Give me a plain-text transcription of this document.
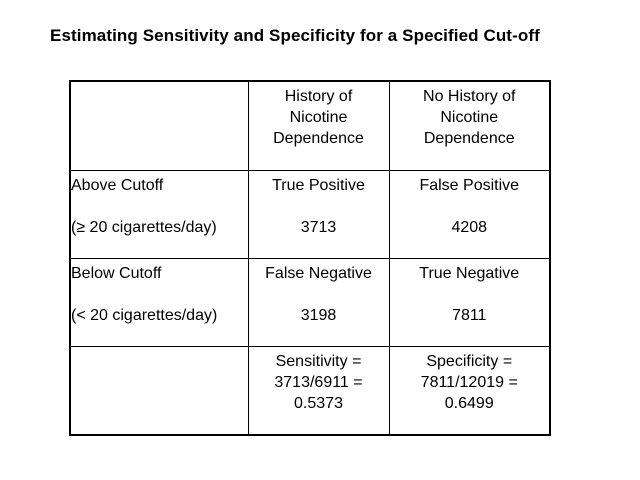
Estimating Sensitivity and Specificity for a Specified Cut-off

	History of
Nicotine
Dependence	No History of
Nicotine
Dependence

Above Cutoff
(≥ 20 cigarettes/day)	True Positive
3713	False Positive
4208

Below Cutoff
(< 20 cigarettes/day)	False Negative
3198	True Negative
7811

	Sensitivity =
3713/6911 =
0.5373	Specificity =
7811/12019 =
0.6499
